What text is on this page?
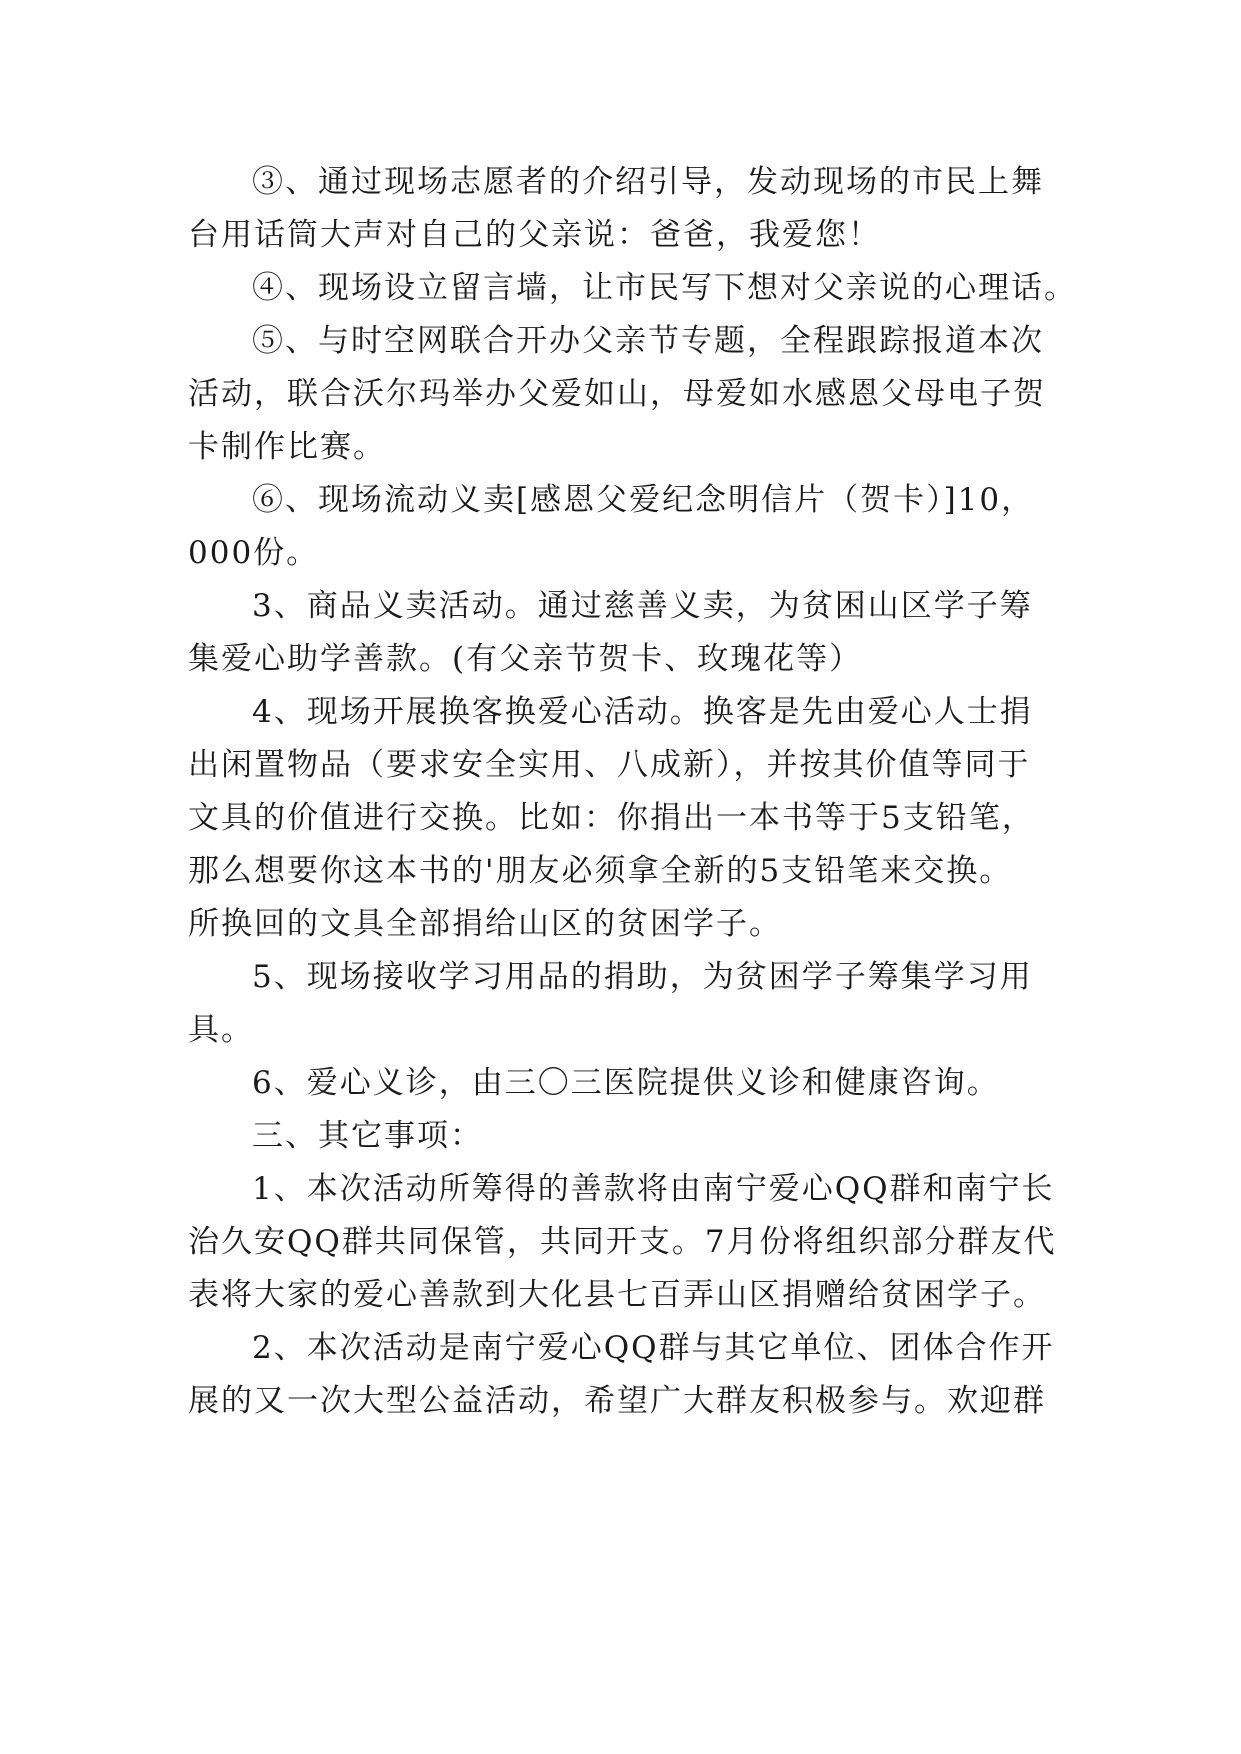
③、通过现场志愿者的介绍引导，发动现场的市民上舞
台用话筒大声对自己的父亲说：爸爸，我爱您！
④、现场设立留言墙，让市民写下想对父亲说的心理话。
⑤、与时空网联合开办父亲节专题，全程跟踪报道本次
活动，联合沃尔玛举办父爱如山，母爱如水感恩父母电子贺
卡制作比赛。
⑥、现场流动义卖[感恩父爱纪念明信片（贺卡）]10，
000份。
3、商品义卖活动。通过慈善义卖，为贫困山区学子筹
集爱心助学善款。(有父亲节贺卡、玫瑰花等）
4、现场开展换客换爱心活动。换客是先由爱心人士捐
出闲置物品（要求安全实用、八成新），并按其价值等同于
文具的价值进行交换。比如：你捐出一本书等于5支铅笔，
那么想要你这本书的'朋友必须拿全新的5支铅笔来交换。
所换回的文具全部捐给山区的贫困学子。
5、现场接收学习用品的捐助，为贫困学子筹集学习用
具。
6、爱心义诊，由三〇三医院提供义诊和健康咨询。
三、其它事项：
1、本次活动所筹得的善款将由南宁爱心QQ群和南宁长
治久安QQ群共同保管，共同开支。7月份将组织部分群友代
表将大家的爱心善款到大化县七百弄山区捐赠给贫困学子。
2、本次活动是南宁爱心QQ群与其它单位、团体合作开
展的又一次大型公益活动，希望广大群友积极参与。欢迎群
